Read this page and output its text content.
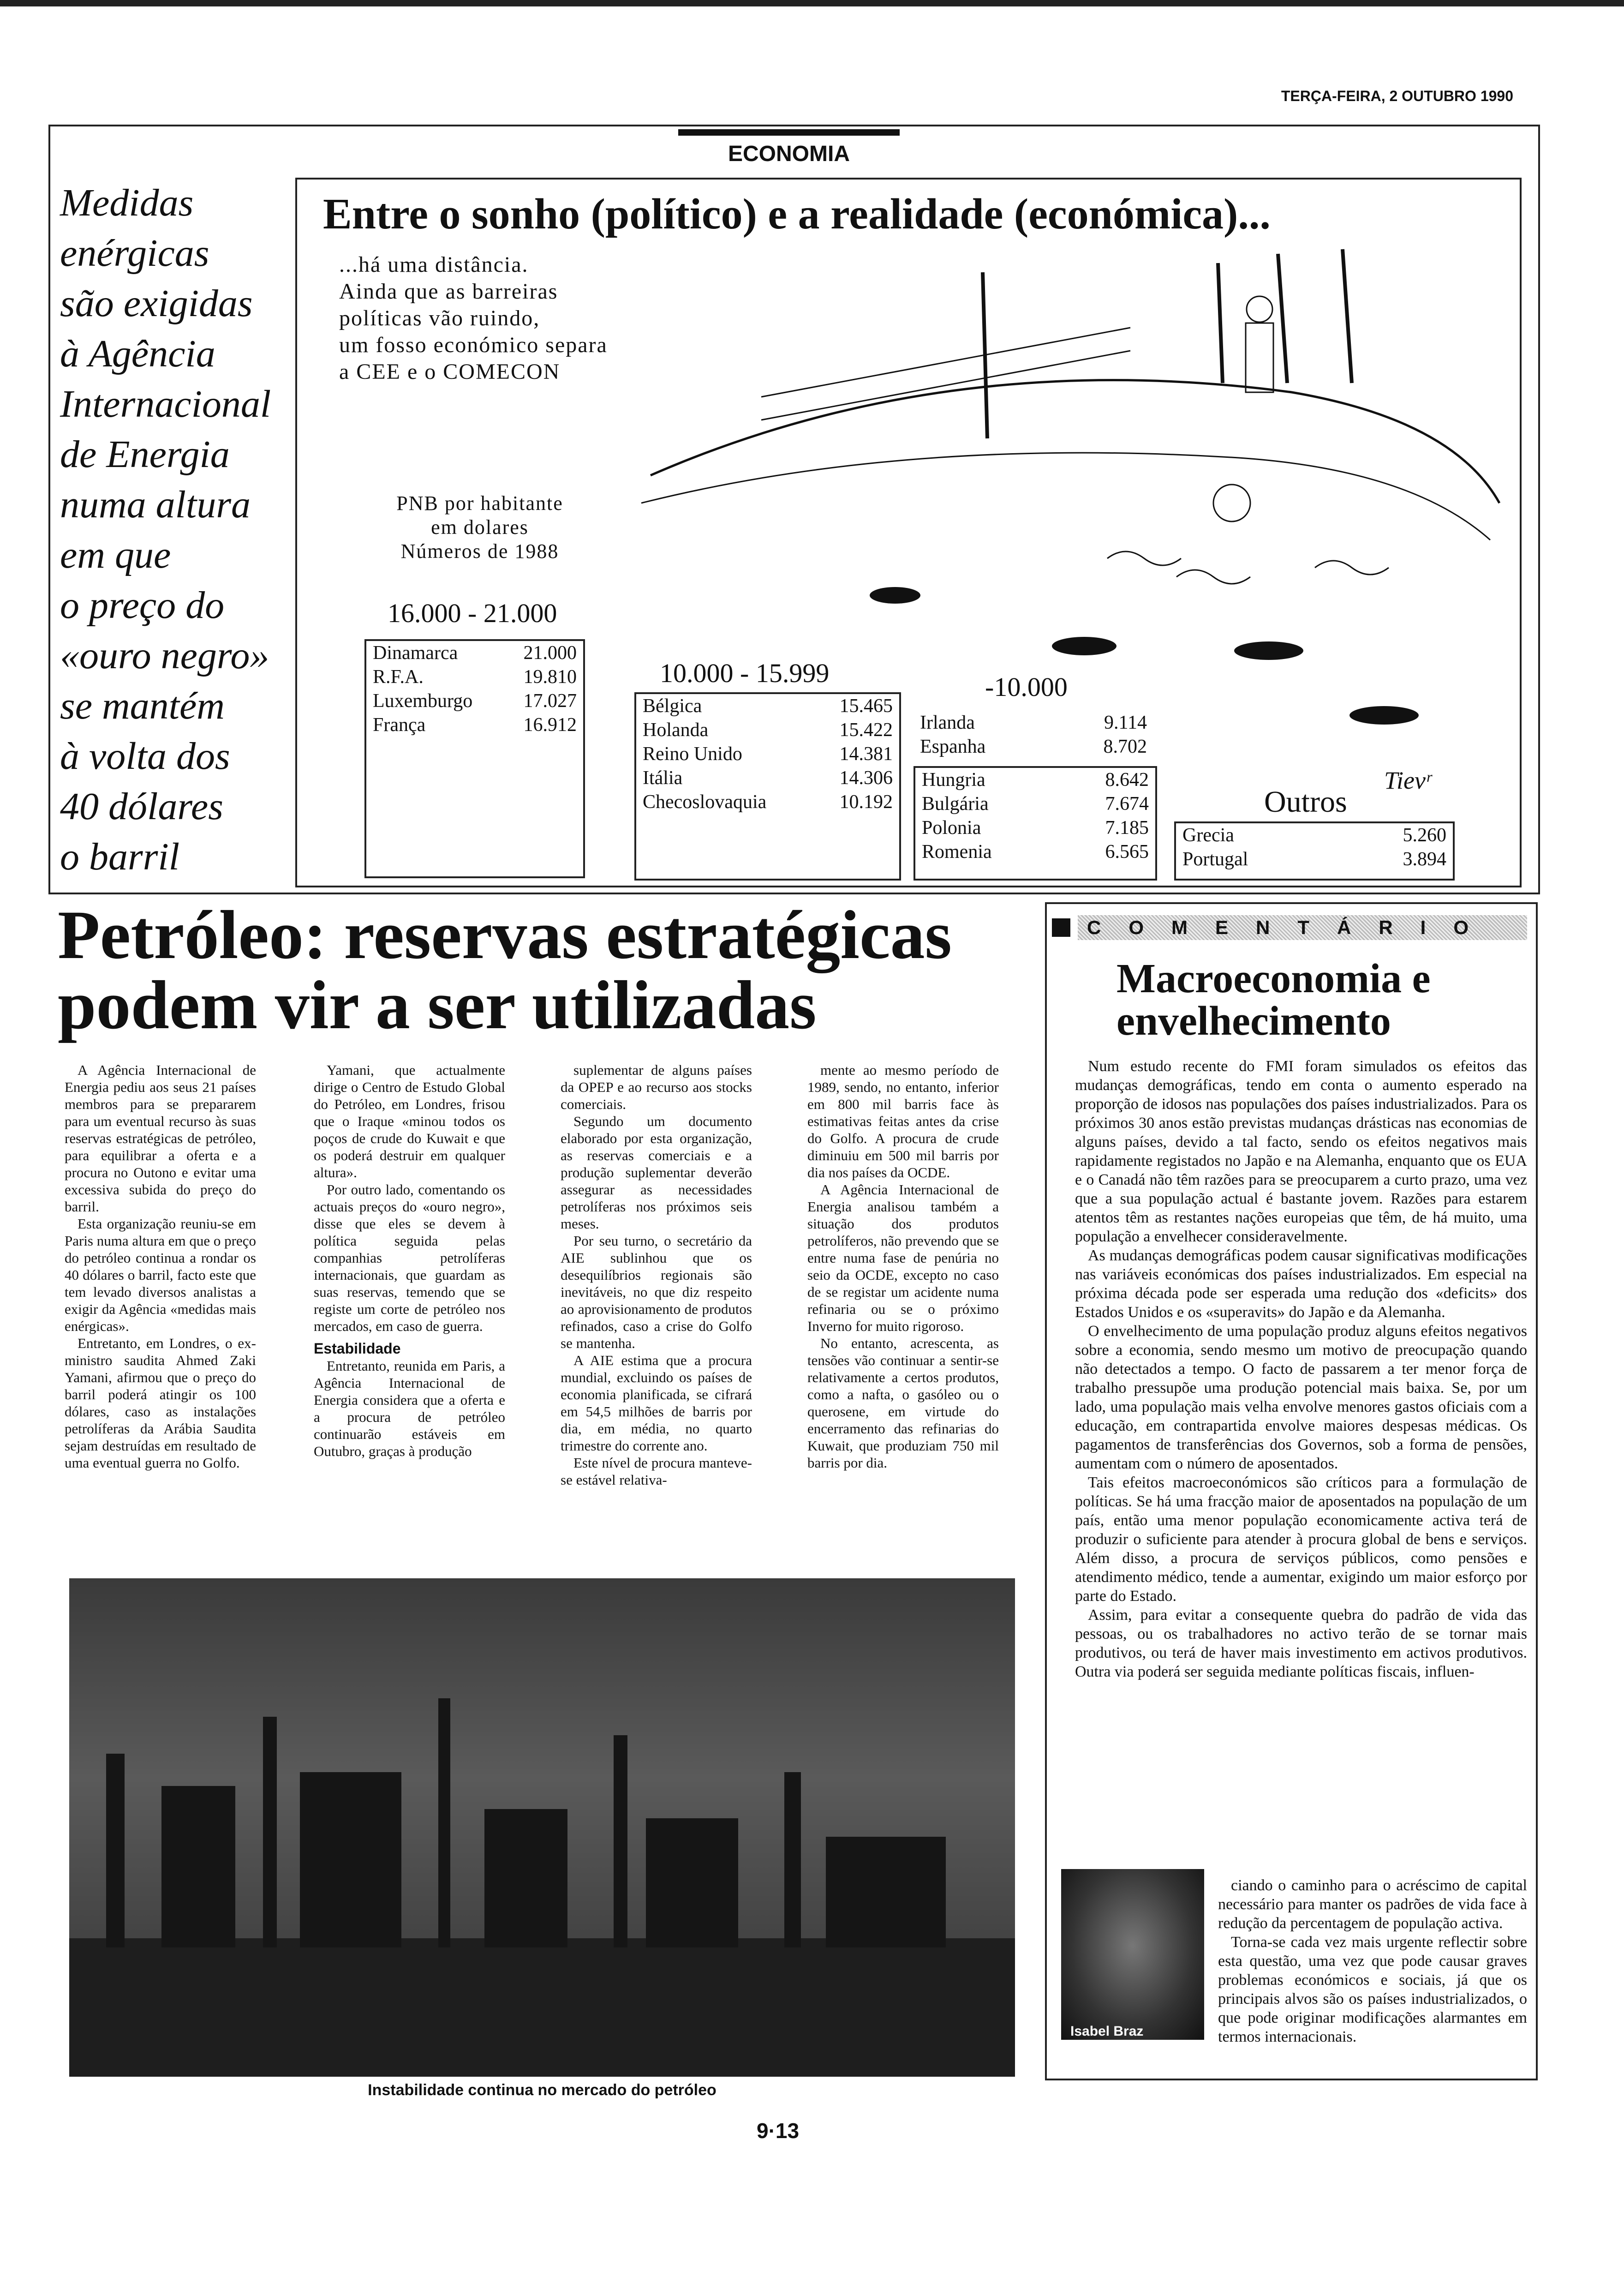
TERÇA-FEIRA, 2 OUTUBRO 1990
ECONOMIA
Medidas
enérgicas
são exigidas
à Agência
Internacional
de Energia
numa altura
em que
o preço do
«ouro negro»
se mantém
à volta dos
40 dólares
o barril
Entre o sonho (político) e a realidade (económica)...
...há uma distância.
Ainda que as barreiras
políticas vão ruindo,
um fosso económico separa
a CEE e o COMECON
PNB por habitante
em dolares
Números de 1988
16.000 - 21.000
Dinamarca	21.000
R.F.A.	19.810
Luxemburgo	17.027
França	16.912
10.000 - 15.999
Bélgica	15.465
Holanda	15.422
Reino Unido	14.381
Itália	14.306
Checoslovaquia	10.192
-10.000
Irlanda	9.114
Espanha	8.702
Hungria	8.642
Bulgária	7.674
Polonia	7.185
Romenia	6.565
Outros
Tievʳ
Grecia	5.260
Portugal	3.894
Petróleo: reservas estratégicas podem vir a ser utilizadas

A Agência Internacional de Energia pediu aos seus 21 países membros para se prepararem para um eventual recurso às suas reservas estratégicas de petróleo, para equilibrar a oferta e a procura no Outono e evitar uma excessiva subida do preço do barril.

Esta organização reuniu-se em Paris numa altura em que o preço do petróleo continua a rondar os 40 dólares o barril, facto este que tem levado diversos analistas a exigir da Agência «medidas mais enérgicas».

Entretanto, em Londres, o ex-ministro saudita Ahmed Zaki Yamani, afirmou que o preço do barril poderá atingir os 100 dólares, caso as instalações petrolíferas da Arábia Saudita sejam destruídas em resultado de uma eventual guerra no Golfo.

Yamani, que actualmente dirige o Centro de Estudo Global do Petróleo, em Londres, frisou que o Iraque «minou todos os poços de crude do Kuwait e que os poderá destruir em qualquer altura».

Por outro lado, comentando os actuais preços do «ouro negro», disse que eles se devem à política seguida pelas companhias petrolíferas internacionais, que guardam as suas reservas, temendo que se registe um corte de petróleo nos mercados, em caso de guerra.

Estabilidade

Entretanto, reunida em Paris, a Agência Internacional de Energia considera que a oferta e a procura de petróleo continuarão estáveis em Outubro, graças à produção

suplementar de alguns países da OPEP e ao recurso aos stocks comerciais.

Segundo um documento elaborado por esta organização, as reservas comerciais e a produção suplementar deverão assegurar as necessidades petrolíferas nos próximos seis meses.

Por seu turno, o secretário da AIE sublinhou que os desequilíbrios regionais são inevitáveis, no que diz respeito ao aprovisionamento de produtos refinados, caso a crise do Golfo se mantenha.

A AIE estima que a procura mundial, excluindo os países de economia planificada, se cifrará em 54,5 milhões de barris por dia, em média, no quarto trimestre do corrente ano.

Este nível de procura manteve-se estável relativa-

mente ao mesmo período de 1989, sendo, no entanto, inferior em 800 mil barris face às estimativas feitas antes da crise do Golfo. A procura de crude diminuiu em 500 mil barris por dia nos países da OCDE.

A Agência Internacional de Energia analisou também a situação dos produtos petrolíferos, não prevendo que se entre numa fase de penúria no seio da OCDE, excepto no caso de se registar um acidente numa refinaria ou se o próximo Inverno for muito rigoroso.

No entanto, acrescenta, as tensões vão continuar a sentir-se relativamente a certos produtos, como a nafta, o gasóleo ou o querosene, em virtude do encerramento das refinarias do Kuwait, que produziam 750 mil barris por dia.

Instabilidade continua no mercado do petróleo
COMENTÁRIO
Macroeconomia e envelhecimento

Num estudo recente do FMI foram simulados os efeitos das mudanças demográficas, tendo em conta o aumento esperado na proporção de idosos nas populações dos países industrializados. Para os próximos 30 anos estão previstas mudanças drásticas nas economias de alguns países, devido a tal facto, sendo os efeitos negativos mais rapidamente registados no Japão e na Alemanha, enquanto que os EUA e o Canadá não têm razões para se preocuparem a curto prazo, uma vez que a sua população actual é bastante jovem. Razões para estarem atentos têm as restantes nações europeias que têm, de há muito, uma população a envelhecer consideravelmente.

As mudanças demográficas podem causar significativas modificações nas variáveis económicas dos países industrializados. Em especial na próxima década pode ser esperada uma redução dos «deficits» dos Estados Unidos e os «superavits» do Japão e da Alemanha.

O envelhecimento de uma população produz alguns efeitos negativos sobre a economia, sendo mesmo um motivo de preocupação quando não detectados a tempo. O facto de passarem a ter menor força de trabalho pressupõe uma produção potencial mais baixa. Se, por um lado, uma população mais velha envolve menores gastos oficiais com a educação, em contrapartida envolve maiores despesas médicas. Os pagamentos de transferências dos Governos, sob a forma de pensões, aumentam com o número de aposentados.

Tais efeitos macroeconómicos são críticos para a formulação de políticas. Se há uma fracção maior de aposentados na população de um país, então uma menor população economicamente activa terá de produzir o suficiente para atender à procura global de bens e serviços. Além disso, a procura de serviços públicos, como pensões e atendimento médico, tende a aumentar, exigindo um maior esforço por parte do Estado.

Assim, para evitar a consequente quebra do padrão de vida das pessoas, ou os trabalhadores no activo terão de se tornar mais produtivos, ou terá de haver mais investimento em activos produtivos. Outra via poderá ser seguida mediante políticas fiscais, influen-

Isabel Braz

ciando o caminho para o acréscimo de capital necessário para manter os padrões de vida face à redução da percentagem de população activa.

Torna-se cada vez mais urgente reflectir sobre esta questão, uma vez que pode causar graves problemas económicos e sociais, já que os principais alvos são os países industrializados, o que pode originar modificações alarmantes em termos internacionais.

9·13
